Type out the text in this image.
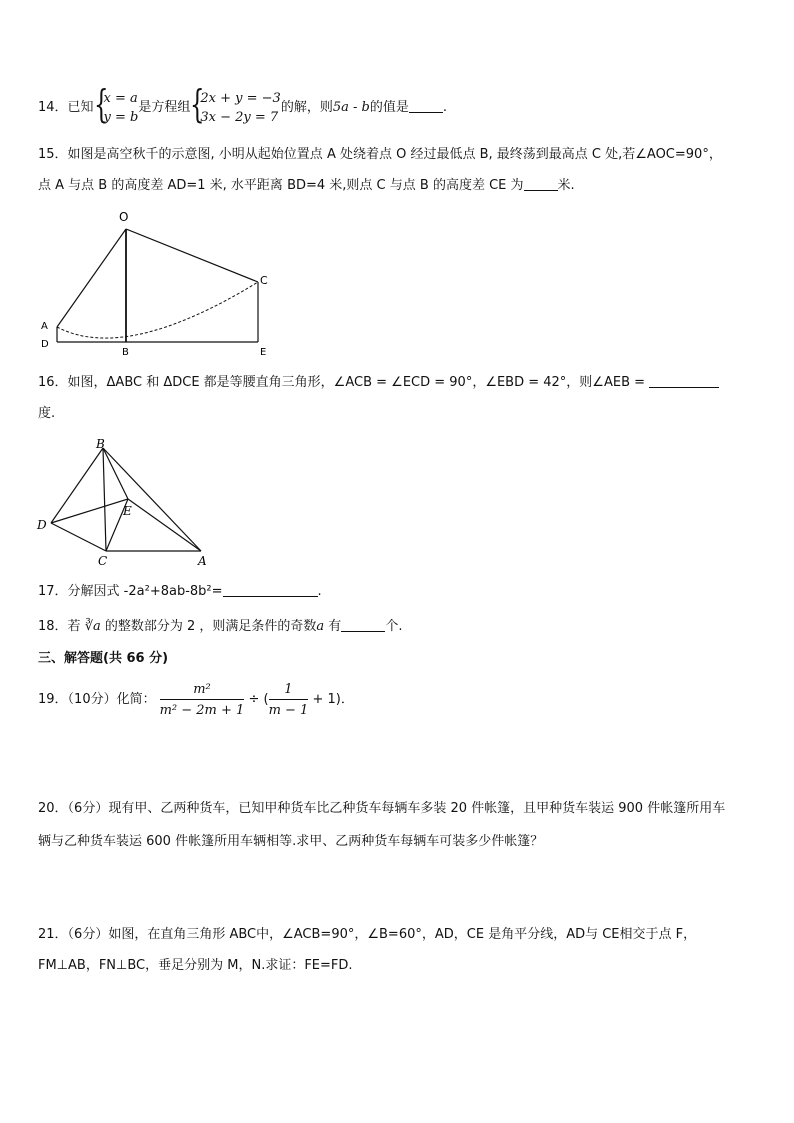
14．已知 {
x = a
y = b
是方程组 {
2x + y = −3
3x − 2y = 7
的解，则5a - b的值是	.
15．如图是高空秋千的示意图, 小明从起始位置点 A 处绕着点 O 经过最低点 B, 最终荡到最高点 C 处,若∠AOC=90°，
点 A 与点 B 的高度差 AD=1 米, 水平距离 BD=4 米,则点 C 与点 B 的高度差 CE 为	米.
O
C
A
D
B	E
16．如图，ΔABC 和 ΔDCE 都是等腰直角三角形，∠ACB = ∠ECD = 90°，∠EBD = 42°，则∠AEB =
度.
B
E
D
C	A
17．分解因式 -2a²+8ab-8b²=	.
18．若 ∛a 的整数部分为 2 ，则满足条件的奇数a 有	个.
三、解答题(共 66 分)
19．（10分）化简： $\frac{\text{m²}}{\text{m² − 2m + 1}}$ ÷ ( $\frac{1}{m - 1} + 1$)．
20．（6分）现有甲、乙两种货车，已知甲种货车比乙种货车每辆车多装 20 件帐篷，且甲种货车装运 900 件帐篷所用车
辆与乙种货车装运 600 件帐篷所用车辆相等.求甲、乙两种货车每辆车可装多少件帐篷？
21．（6分）如图，在直角三角形 ABC中，∠ACB=90°，∠B=60°，AD，CE 是角平分线，AD与 CE相交于点 F，
FM⊥AB，FN⊥BC，垂足分别为 M，N.求证：FE=FD.
